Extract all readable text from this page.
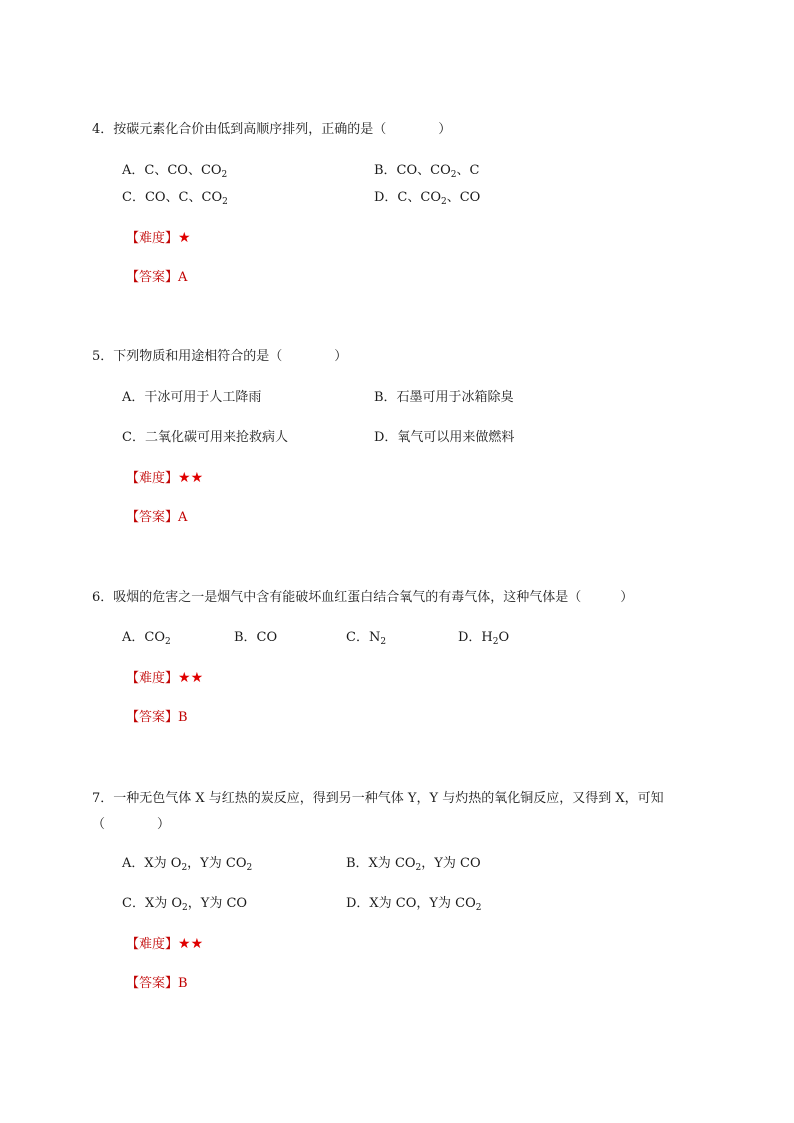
4．按碳元素化合价由低到高顺序排列，正确的是（　　　　）
A．C、CO、$CO_2$	B．CO、$CO_2$、C
C．CO、C、$CO_2$	D．C、$CO_2$、CO
【难度】★
【答案】A
5．下列物质和用途相符合的是（　　　　）
A．干冰可用于人工降雨	B．石墨可用于冰箱除臭
C．二氧化碳可用来抢救病人	D．氧气可以用来做燃料
【难度】★★
【答案】A
6．吸烟的危害之一是烟气中含有能破坏血红蛋白结合氧气的有毒气体，这种气体是（　　　）
A．$CO_2$	B．CO	C．$N_2$	D．$H_2O$
【难度】★★
【答案】B
7．一种无色气体 X 与红热的炭反应，得到另一种气体 Y，Y 与灼热的氧化铜反应，又得到 X，可知（　　　　）
A．X为 $O_2$，Y为 $CO_2$	B．X为 $CO_2$，Y为 CO
C．X为 $O_2$，Y为 CO	D．X为 CO，Y为 $CO_2$
【难度】★★
【答案】B
